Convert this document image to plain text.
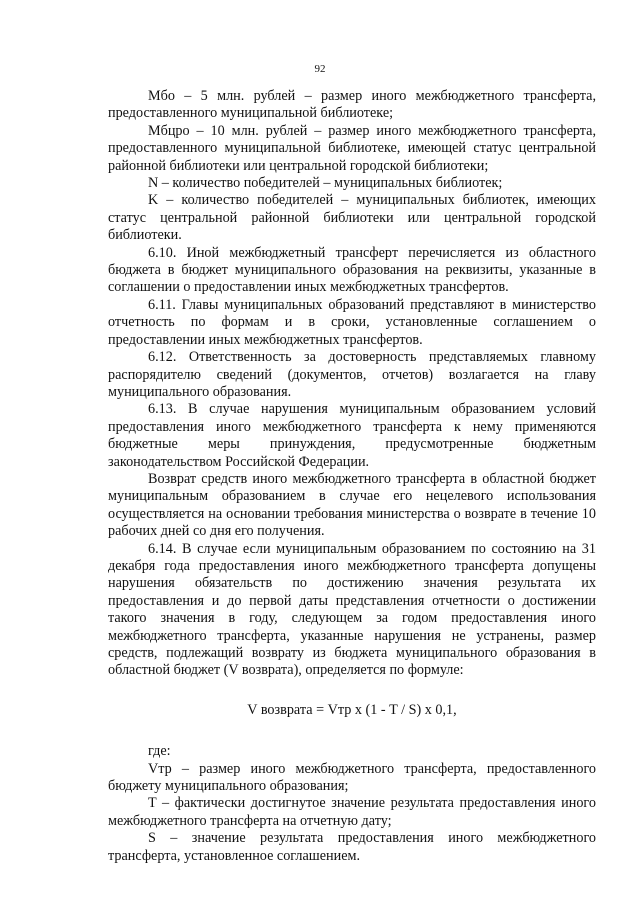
92

Мбо – 5 млн. рублей – размер иного межбюджетного трансферта, предоставленного муниципальной библиотеке;

Мбцро – 10 млн. рублей – размер иного межбюджетного трансферта, предоставленного муниципальной библиотеке, имеющей статус центральной районной библиотеки или центральной городской библиотеки;

N – количество победителей – муниципальных библиотек;

K – количество победителей – муниципальных библиотек, имеющих статус центральной районной библиотеки или центральной городской библиотеки.

6.10. Иной межбюджетный трансферт перечисляется из областного бюджета в бюджет муниципального образования на реквизиты, указанные в соглашении о предоставлении иных межбюджетных трансфертов.

6.11. Главы муниципальных образований представляют в министерство отчетность по формам и в сроки, установленные соглашением о предоставлении иных межбюджетных трансфертов.

6.12. Ответственность за достоверность представляемых главному распорядителю сведений (документов, отчетов) возлагается на главу муниципального образования.

6.13. В случае нарушения муниципальным образованием условий предоставления иного межбюджетного трансферта к нему применяются бюджетные меры принуждения, предусмотренные бюджетным законодательством Российской Федерации.

Возврат средств иного межбюджетного трансферта в областной бюджет муниципальным образованием в случае его нецелевого использования осуществляется на основании требования министерства о возврате в течение 10 рабочих дней со дня его получения.

6.14. В случае если муниципальным образованием по состоянию на 31 декабря года предоставления иного межбюджетного трансферта допущены нарушения обязательств по достижению значения результата их предоставления и до первой даты представления отчетности о достижении такого значения в году, следующем за годом предоставления иного межбюджетного трансферта, указанные нарушения не устранены, размер средств, подлежащий возврату из бюджета муниципального образования в областной бюджет (V возврата), определяется по формуле:

V возврата = Vтр х (1 - T / S) х 0,1,

где:

Vтр – размер иного межбюджетного трансферта, предоставленного бюджету муниципального образования;

T – фактически достигнутое значение результата предоставления иного межбюджетного трансферта на отчетную дату;

S – значение результата предоставления иного межбюджетного трансферта, установленное соглашением.
